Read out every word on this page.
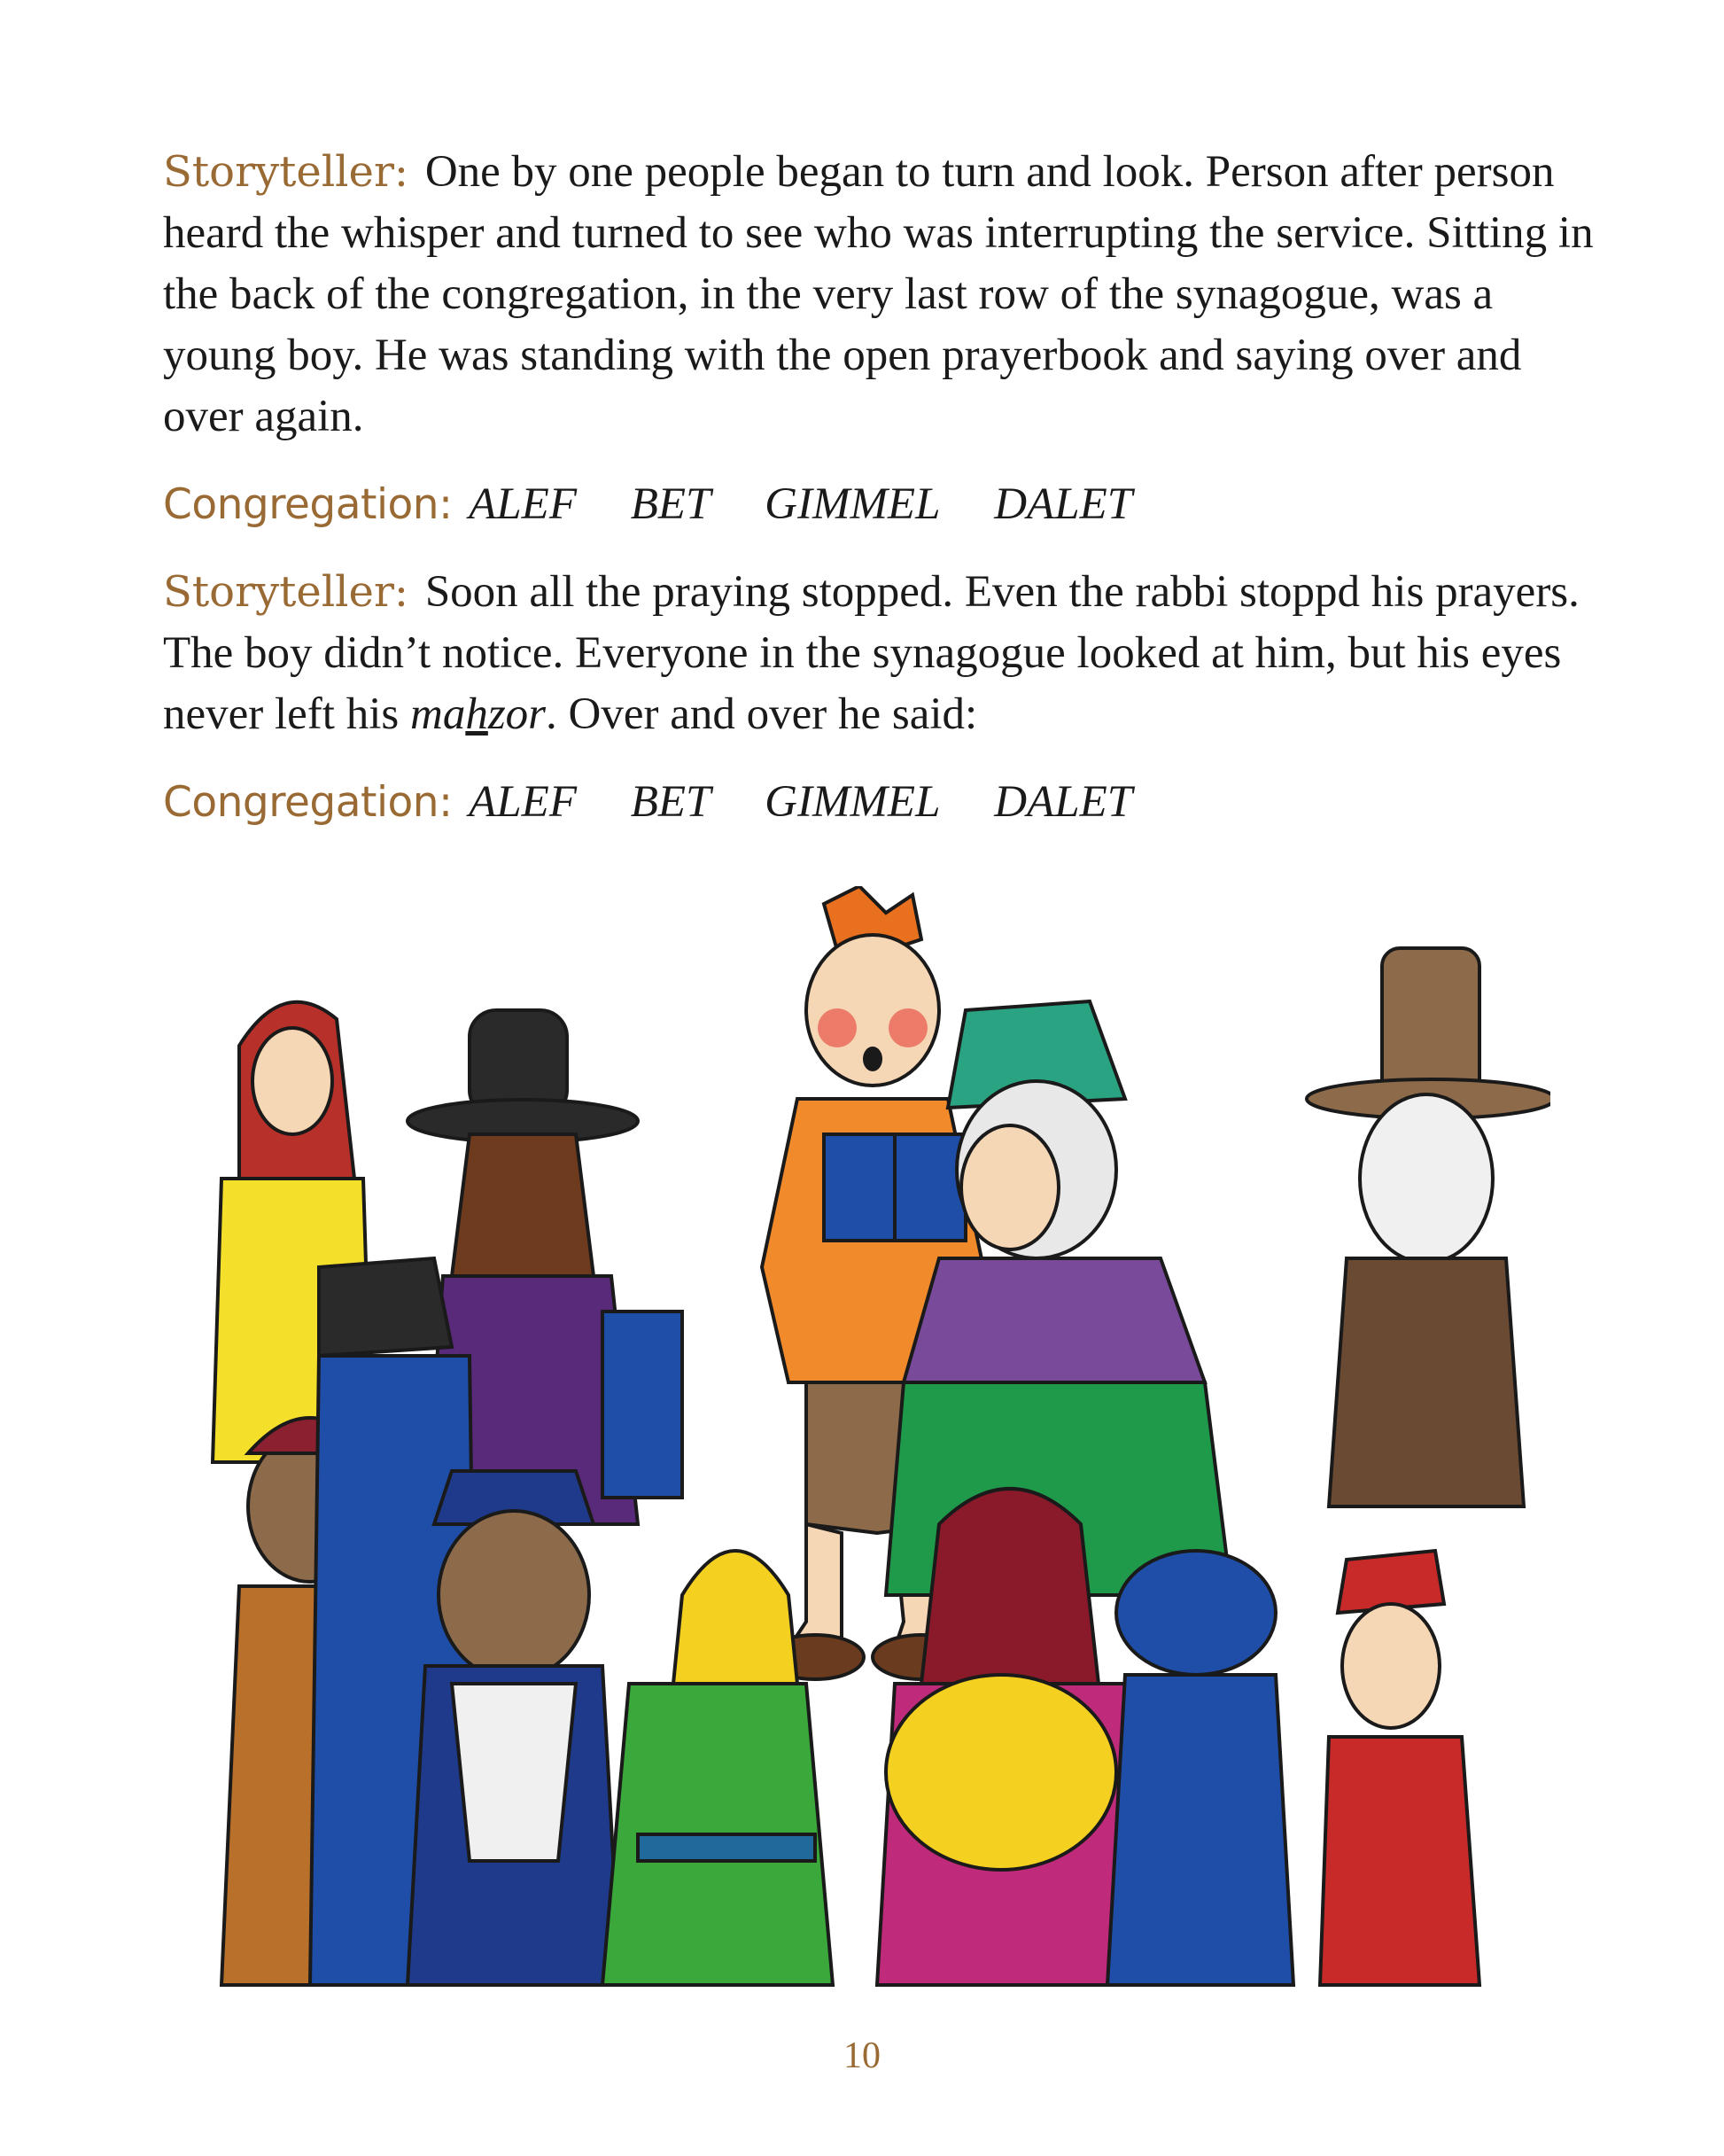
Storyteller: One by one people began to turn and look. Person after person heard the whisper and turned to see who was interrupting the service. Sitting in the back of the congregation, in the very last row of the synagogue, was a young boy. He was standing with the open prayerbook and saying over and over again.

Congregation: ALEF BET GIMMEL DALET

Storyteller: Soon all the praying stopped. Even the rabbi stoppd his prayers. The boy didn’t notice. Everyone in the synagogue looked at him, but his eyes never left his mahzor. Over and over he said:

Congregation: ALEF BET GIMMEL DALET

10
